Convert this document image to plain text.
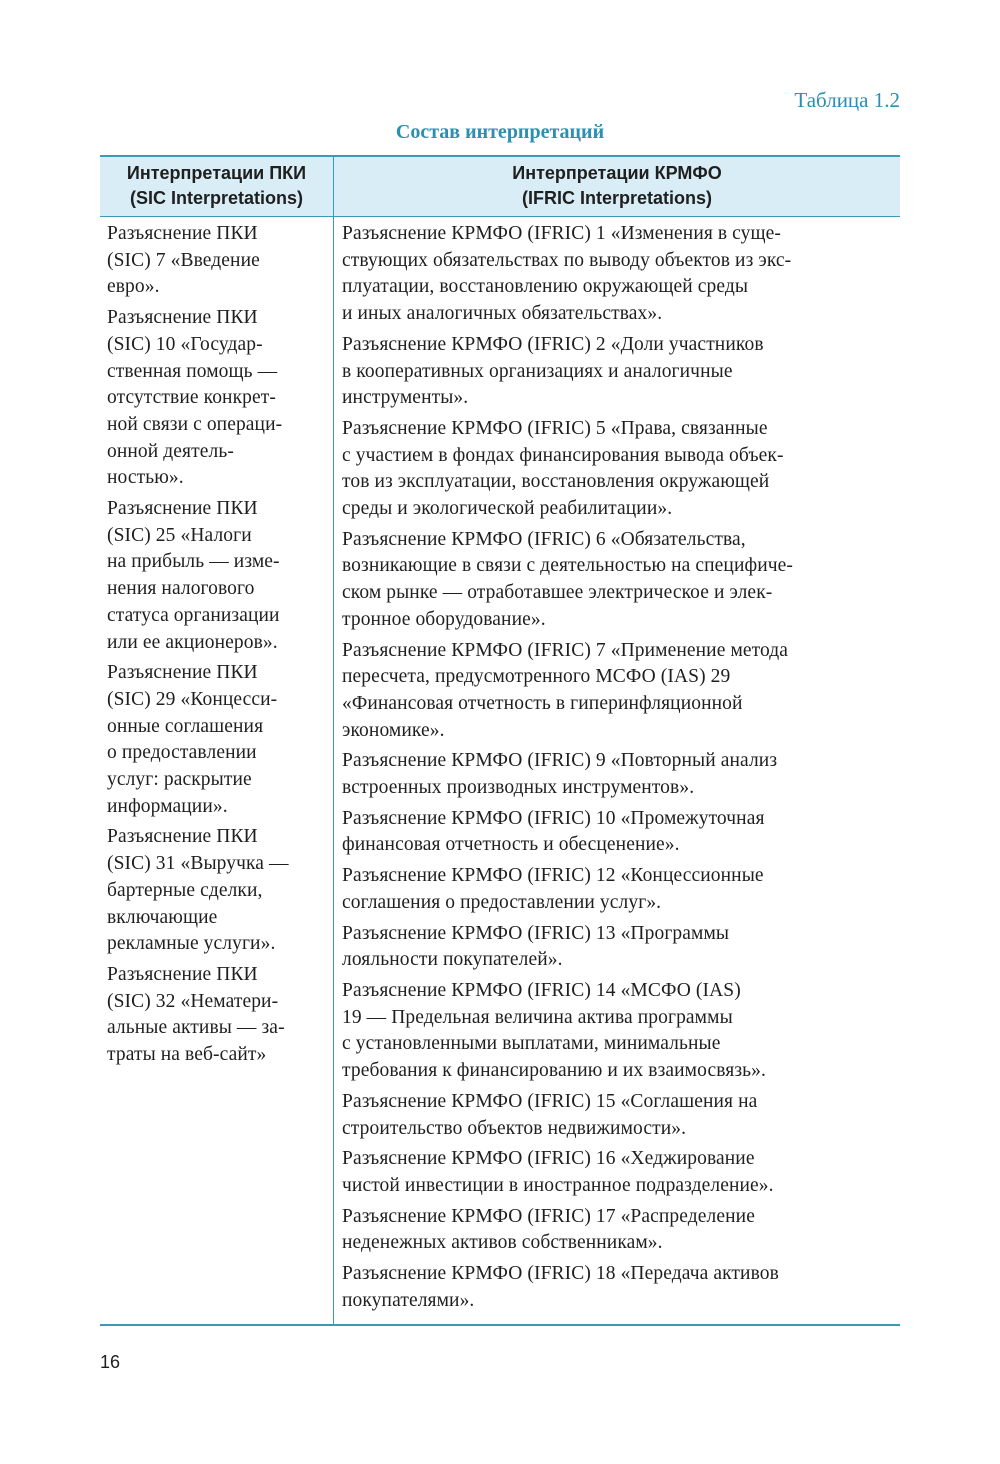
Таблица 1.2
Состав интерпретаций
Интерпретации ПКИ
(SIC Interpretations)
Интерпретации КРМФО
(IFRIC Interpretations)
Разъяснение ПКИ
(SIC) 7 «Введение
евро».
Разъяснение ПКИ
(SIC) 10 «Государ-
ственная помощь —
отсутствие конкрет-
ной связи с операци-
онной деятель-
ностью».
Разъяснение ПКИ
(SIC) 25 «Налоги
на прибыль — изме-
нения налогового
статуса организации
или ее акционеров».
Разъяснение ПКИ
(SIC) 29 «Концесси-
онные соглашения
о предоставлении
услуг: раскрытие
информации».
Разъяснение ПКИ
(SIC) 31 «Выручка —
бартерные сделки,
включающие
рекламные услуги».
Разъяснение ПКИ
(SIC) 32 «Нематери-
альные активы — за-
траты на веб-сайт»
Разъяснение КРМФО (IFRIC) 1 «Изменения в суще-
ствующих обязательствах по выводу объектов из экс-
плуатации, восстановлению окружающей среды
и иных аналогичных обязательствах».
Разъяснение КРМФО (IFRIC) 2 «Доли участников
в кооперативных организациях и аналогичные
инструменты».
Разъяснение КРМФО (IFRIC) 5 «Права, связанные
с участием в фондах финансирования вывода объек-
тов из эксплуатации, восстановления окружающей
среды и экологической реабилитации».
Разъяснение КРМФО (IFRIC) 6 «Обязательства,
возникающие в связи с деятельностью на специфиче-
ском рынке — отработавшее электрическое и элек-
тронное оборудование».
Разъяснение КРМФО (IFRIC) 7 «Применение метода
пересчета, предусмотренного МСФО (IAS) 29
«Финансовая отчетность в гиперинфляционной
экономике».
Разъяснение КРМФО (IFRIC) 9 «Повторный анализ
встроенных производных инструментов».
Разъяснение КРМФО (IFRIC) 10 «Промежуточная
финансовая отчетность и обесценение».
Разъяснение КРМФО (IFRIC) 12 «Концессионные
соглашения о предоставлении услуг».
Разъяснение КРМФО (IFRIC) 13 «Программы
лояльности покупателей».
Разъяснение КРМФО (IFRIC) 14 «МСФО (IAS)
19 — Предельная величина актива программы
с установленными выплатами, минимальные
требования к финансированию и их взаимосвязь».
Разъяснение КРМФО (IFRIC) 15 «Соглашения на
строительство объектов недвижимости».
Разъяснение КРМФО (IFRIC) 16 «Хеджирование
чистой инвестиции в иностранное подразделение».
Разъяснение КРМФО (IFRIC) 17 «Распределение
неденежных активов собственникам».
Разъяснение КРМФО (IFRIC) 18 «Передача активов
покупателями».
16
